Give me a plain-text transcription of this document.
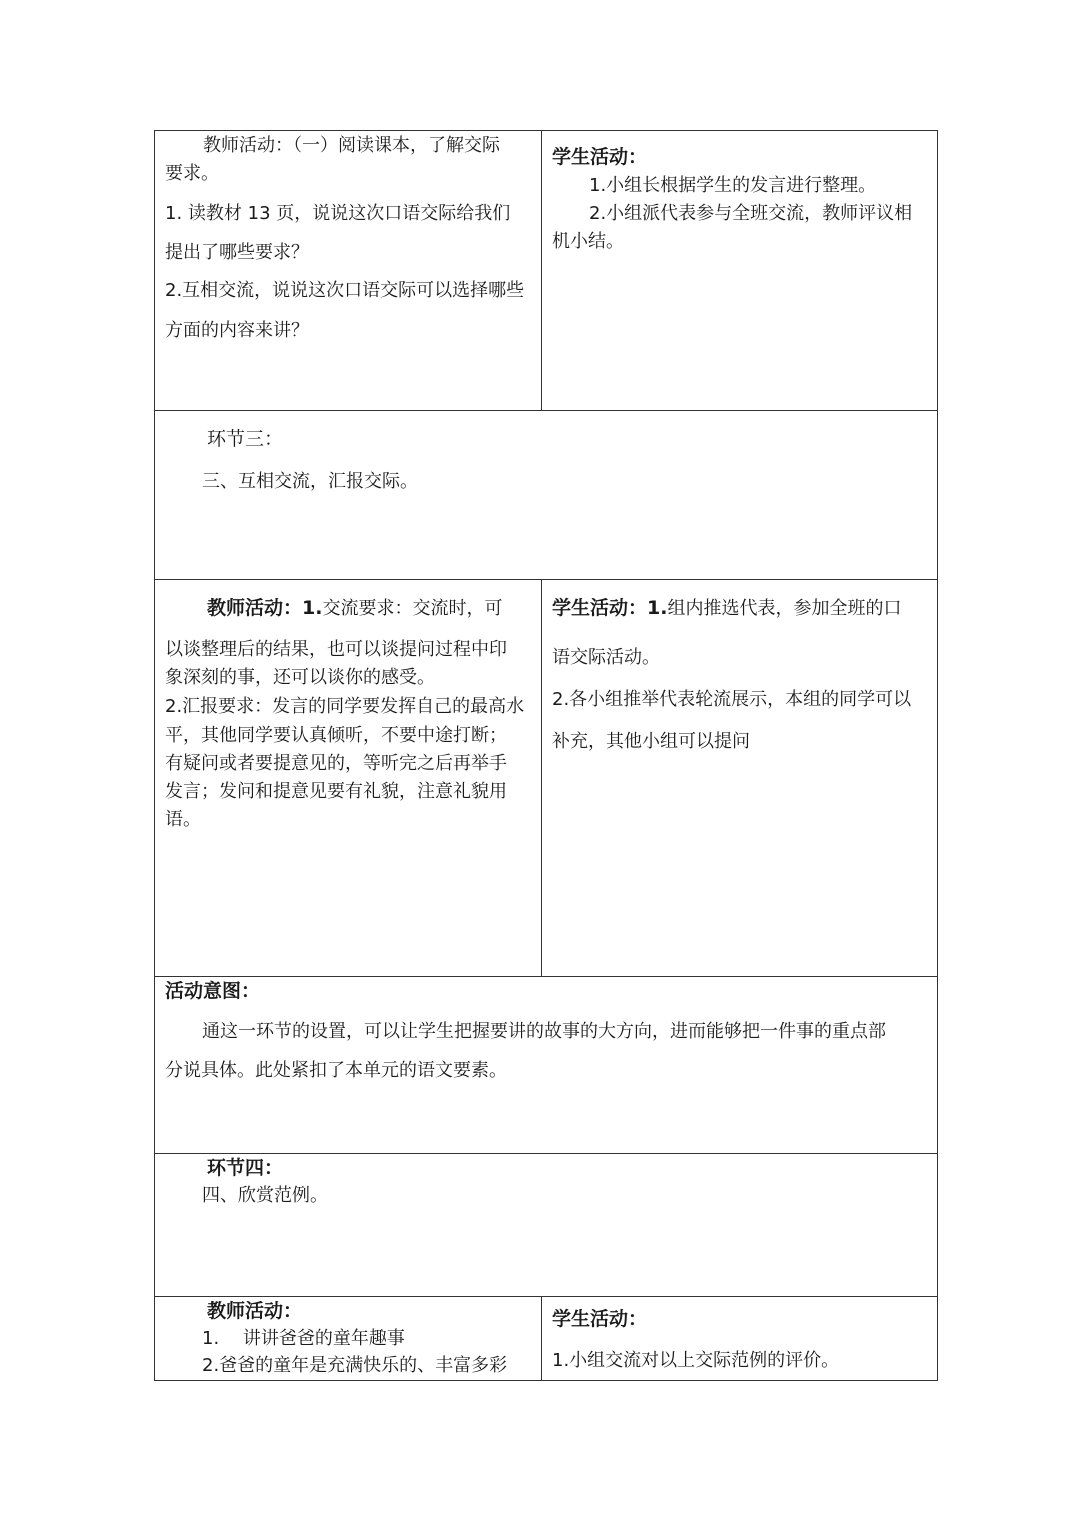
教师活动：（一）阅读课本，了解交际
要求。
1. 读教材 13 页，说说这次口语交际给我们
提出了哪些要求？
2.互相交流，说说这次口语交际可以选择哪些
方面的内容来讲？
学生活动：
1.小组长根据学生的发言进行整理。
2.小组派代表参与全班交流，教师评议相
机小结。
环节三：
三、互相交流，汇报交际。
教师活动：1.交流要求：交流时，可
以谈整理后的结果，也可以谈提问过程中印
象深刻的事，还可以谈你的感受。
2.汇报要求：发言的同学要发挥自己的最高水
平，其他同学要认真倾听，不要中途打断；
有疑问或者要提意见的，等听完之后再举手
发言；发问和提意见要有礼貌，注意礼貌用
语。
学生活动：1.组内推选代表，参加全班的口
语交际活动。
2.各小组推举代表轮流展示，本组的同学可以
补充，其他小组可以提问
活动意图：
通这一环节的设置，可以让学生把握要讲的故事的大方向，进而能够把一件事的重点部
分说具体。此处紧扣了本单元的语文要素。
环节四：
四、欣赏范例。
教师活动：
1.　 讲讲爸爸的童年趣事
2.爸爸的童年是充满快乐的、丰富多彩
学生活动：
1.小组交流对以上交际范例的评价。
